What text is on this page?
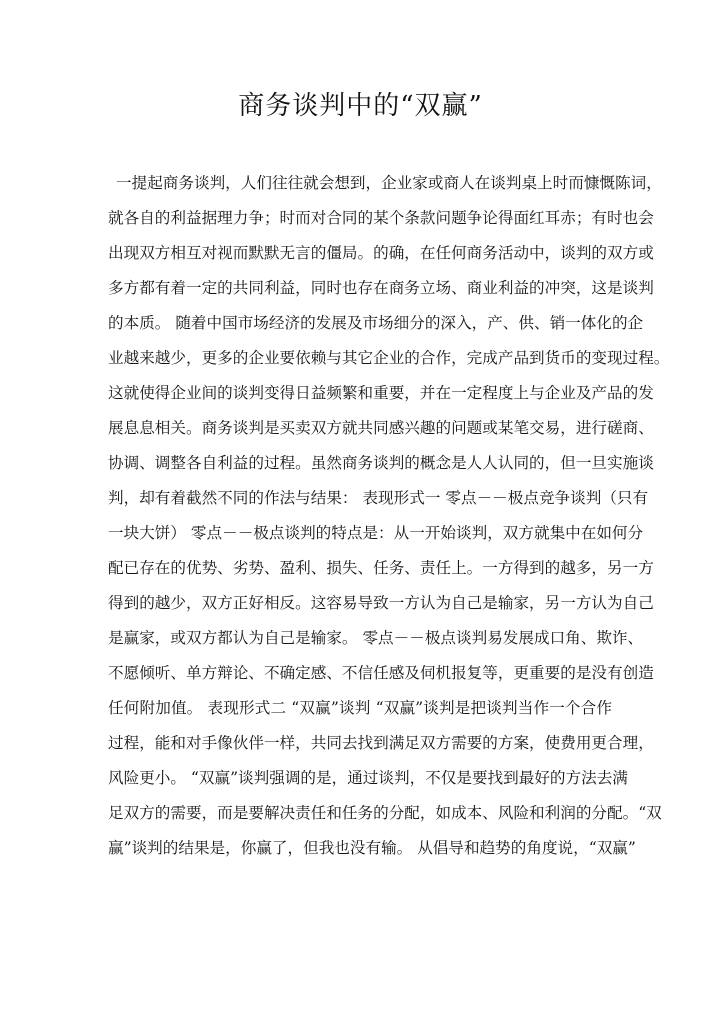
商务谈判中的“双赢”
一提起商务谈判，人们往往就会想到，企业家或商人在谈判桌上时而慷慨陈词，
就各自的利益据理力争；时而对合同的某个条款问题争论得面红耳赤；有时也会
出现双方相互对视而默默无言的僵局。的确，在任何商务活动中，谈判的双方或
多方都有着一定的共同利益，同时也存在商务立场、商业利益的冲突，这是谈判
的本质。 随着中国市场经济的发展及市场细分的深入，产、供、销一体化的企
业越来越少，更多的企业要依赖与其它企业的合作，完成产品到货币的变现过程。
这就使得企业间的谈判变得日益频繁和重要，并在一定程度上与企业及产品的发
展息息相关。商务谈判是买卖双方就共同感兴趣的问题或某笔交易，进行磋商、
协调、调整各自利益的过程。虽然商务谈判的概念是人人认同的，但一旦实施谈
判，却有着截然不同的作法与结果： 表现形式一 零点－－极点竞争谈判（只有
一块大饼） 零点－－极点谈判的特点是：从一开始谈判，双方就集中在如何分
配已存在的优势、劣势、盈利、损失、任务、责任上。一方得到的越多，另一方
得到的越少，双方正好相反。这容易导致一方认为自己是输家，另一方认为自己
是赢家，或双方都认为自己是输家。 零点－－极点谈判易发展成口角、欺诈、
不愿倾听、单方辩论、不确定感、不信任感及伺机报复等，更重要的是没有创造
任何附加值。 表现形式二 “双赢”谈判 “双赢”谈判是把谈判当作一个合作
过程，能和对手像伙伴一样，共同去找到满足双方需要的方案，使费用更合理，
风险更小。 “双赢”谈判强调的是，通过谈判，不仅是要找到最好的方法去满
足双方的需要，而是要解决责任和任务的分配，如成本、风险和利润的分配。“双
赢”谈判的结果是，你赢了，但我也没有输。 从倡导和趋势的角度说，“双赢”
